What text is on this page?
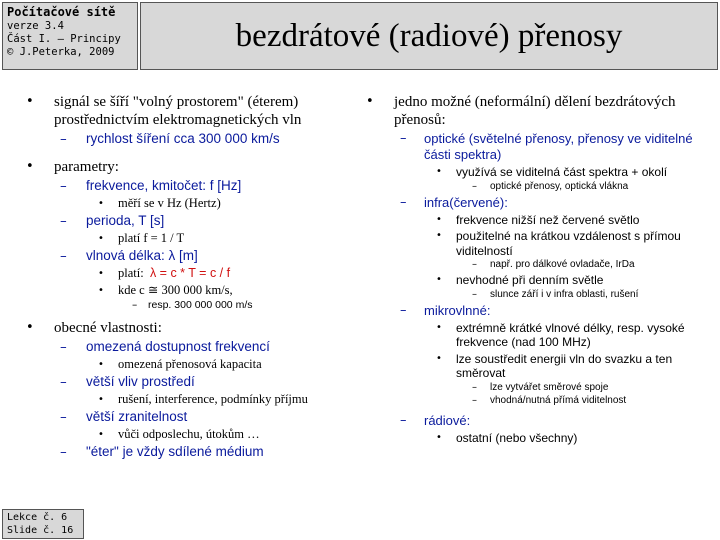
Počítačové sítě
verze 3.4
Část I. – Principy
© J.Peterka, 2009	bezdrátové (radiové) přenosy
• signál se šíří "volný prostorem" (éterem) prostřednictvím elektromagnetických vln
– rychlost šíření cca 300 000 km/s
• parametry:
– frekvence, kmitočet: f [Hz]
• měří se v Hz (Hertz)
– perioda, T [s]
• platí f = 1 / T
– vlnová délka: λ [m]
• platí: λ = c * T = c / f
• kde c ≅ 300 000 km/s,
– resp. 300 000 000 m/s
• obecné vlastnosti:
– omezená dostupnost frekvencí
• omezená přenosová kapacita
– větší vliv prostředí
• rušení, interference, podmínky příjmu
– větší zranitelnost
• vůči odposlechu, útokům …
– "éter" je vždy sdílené médium
• jedno možné (neformální) dělení bezdrátových přenosů:
– optické (světelné přenosy, přenosy ve viditelné části spektra)
• využívá se viditelná část spektra + okolí
– optické přenosy, optická vlákna
– infra(červené):
• frekvence nižší než červené světlo
• použitelné na krátkou vzdálenost s přímou viditelností
– např. pro dálkové ovladače, IrDa
• nevhodné při denním světle
– slunce září i v infra oblasti, rušení
– mikrovlnné:
• extrémně krátké vlnové délky, resp. vysoké frekvence (nad 100 MHz)
• lze soustředit energii vln do svazku a ten směrovat
– lze vytvářet směrové spoje
– vhodná/nutná přímá viditelnost
– rádiové:
• ostatní (nebo všechny)
Lekce č. 6
Slide č. 16
